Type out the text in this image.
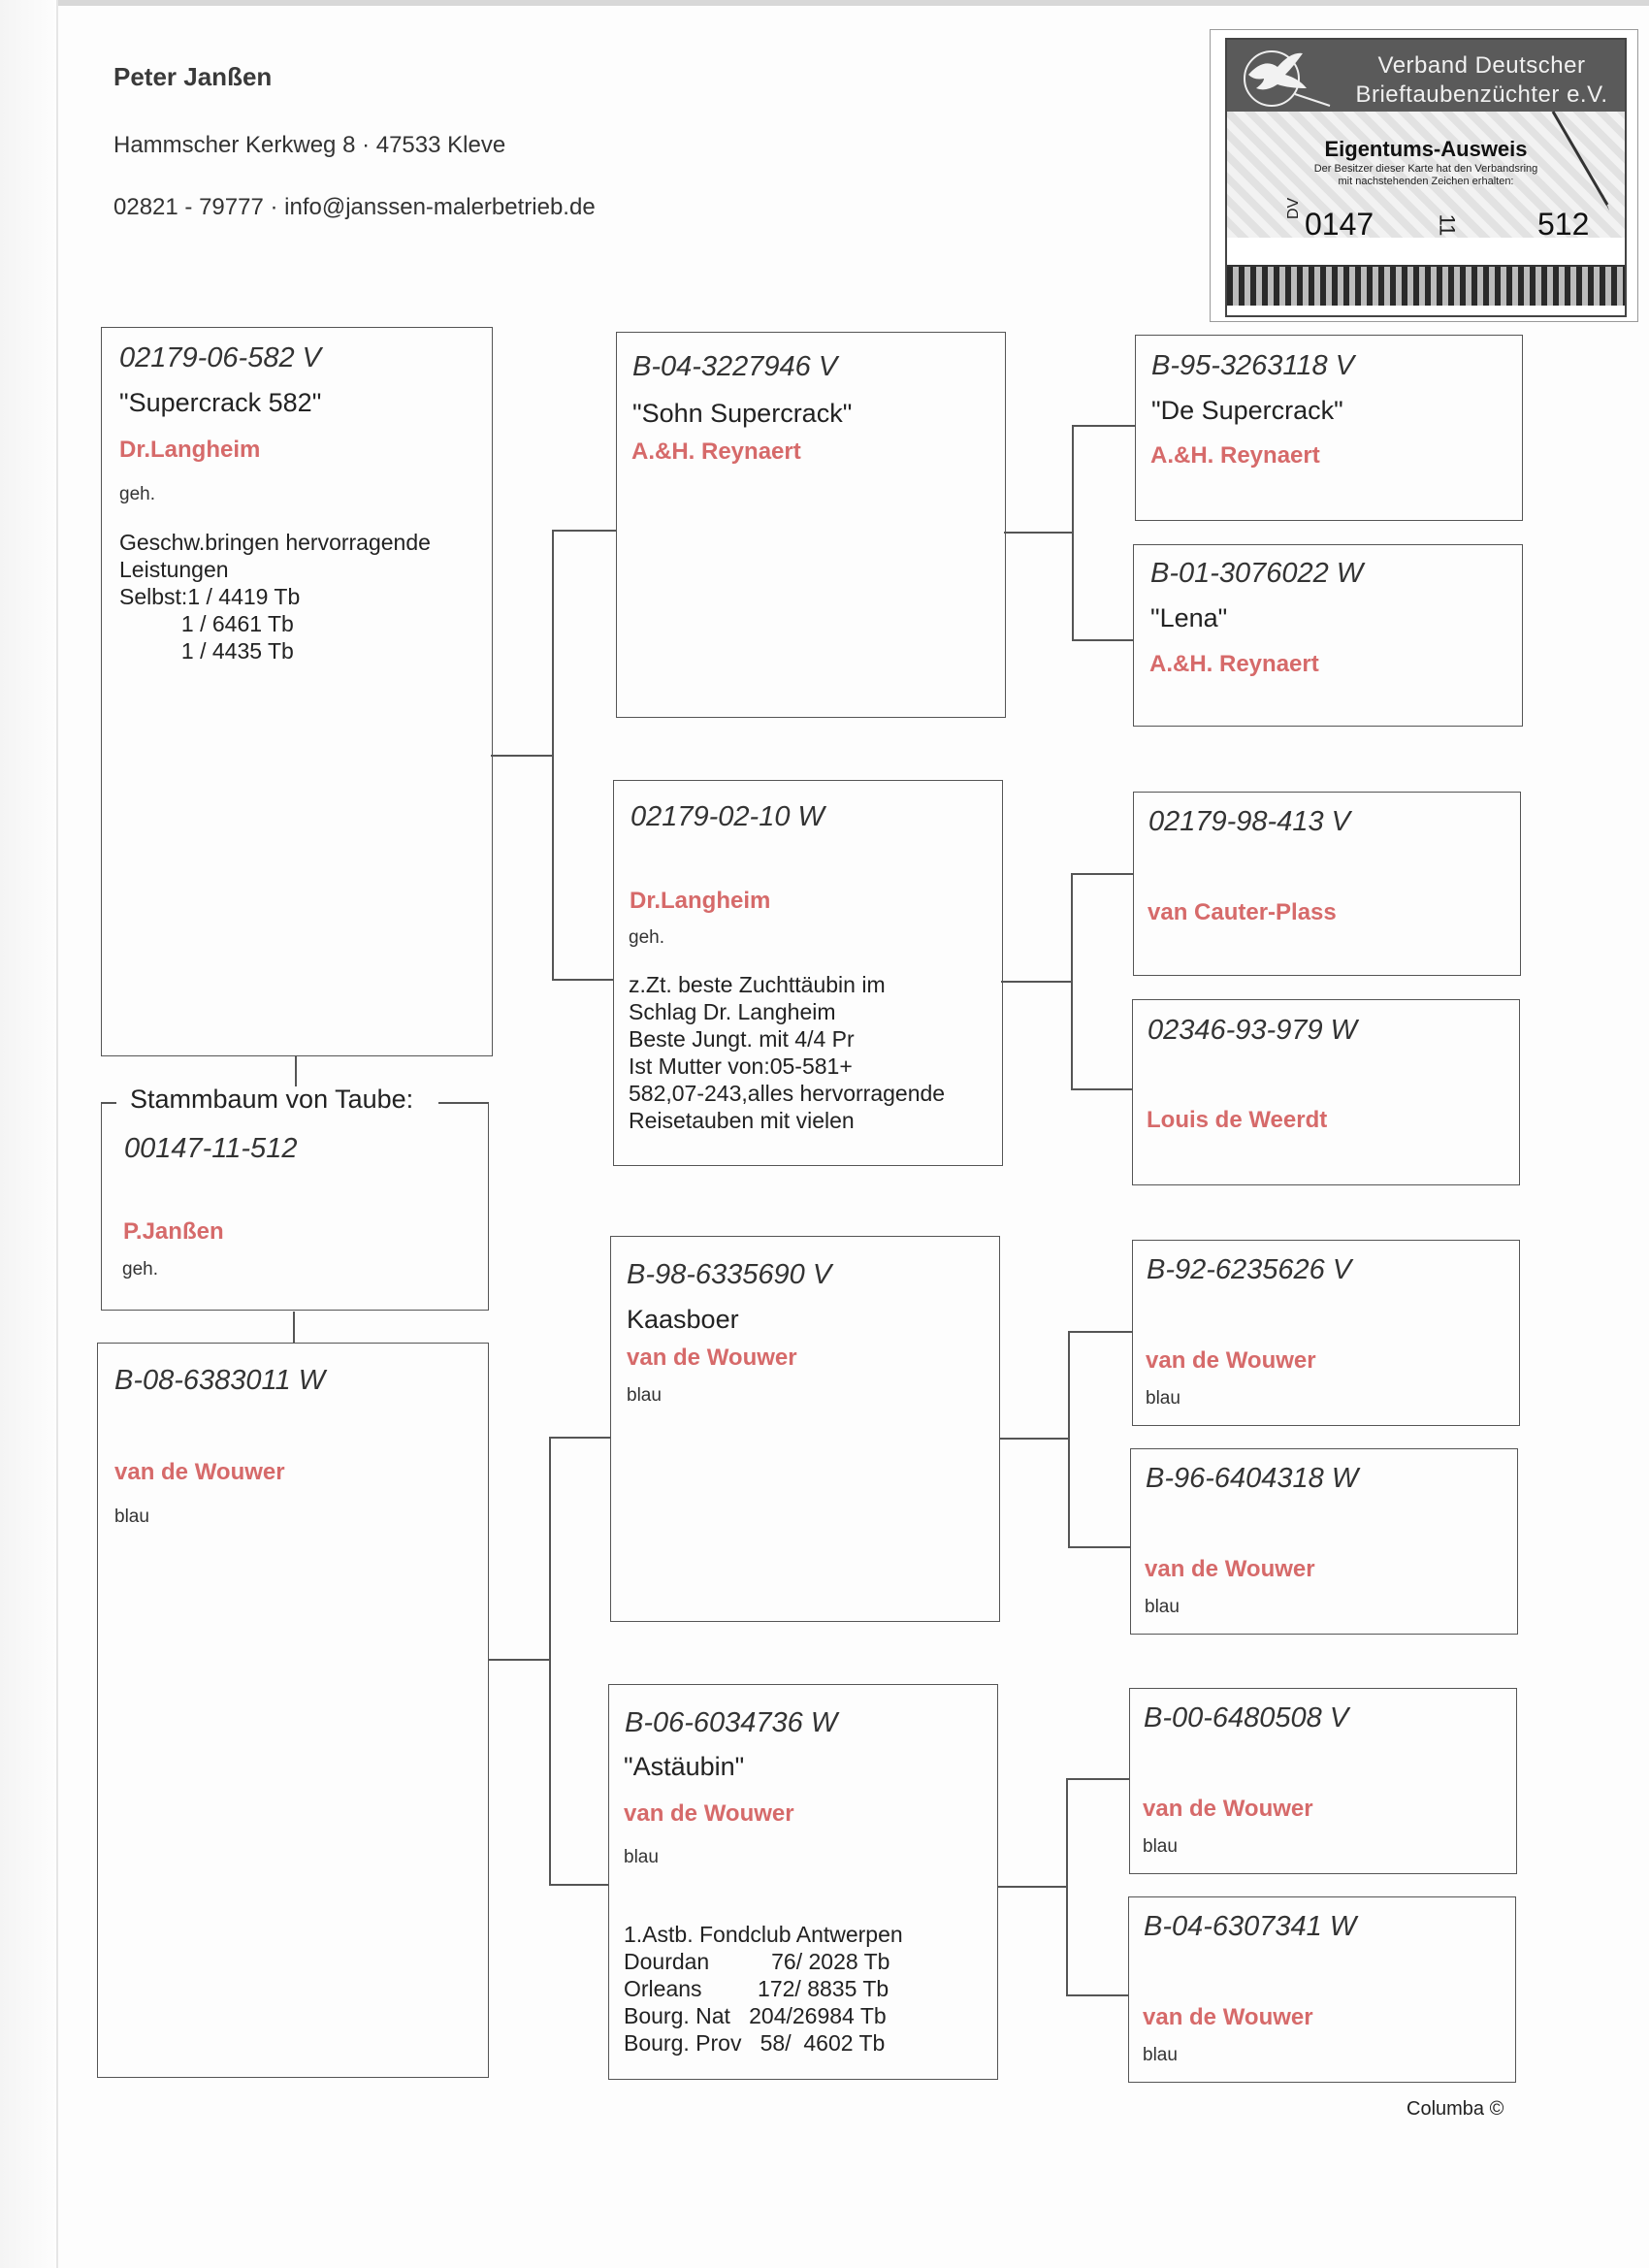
Peter Janßen
Hammscher Kerkweg 8 · 47533 Kleve
02821 - 79777 · info@janssen-malerbetrieb.de
Verband Deutscher
Brieftaubenzüchter e.V.
Eigentums-Ausweis
Der Besitzer dieser Karte hat den Verbandsring
mit nachstehenden Zeichen erhalten:
DV 0147	11	512
Stammbaum von Taube:
00147-11-512
P.Janßen
geh.
02179-06-582 V
"Supercrack 582"
Dr.Langheim
geh.
Geschw.bringen hervorragende
Leistungen
Selbst:1 / 4419 Tb
1 / 6461 Tb
1 / 4435 Tb
B-08-6383011 W
van de Wouwer
blau
B-04-3227946 V
"Sohn Supercrack"
A.&H. Reynaert
02179-02-10 W
Dr.Langheim
geh.
z.Zt. beste Zuchttäubin im
Schlag Dr. Langheim
Beste Jungt. mit 4/4 Pr
Ist Mutter von:05-581+
582,07-243,alles hervorragende
Reisetauben mit vielen
B-98-6335690 V
Kaasboer
van de Wouwer
blau
B-06-6034736 W
"Astäubin"
van de Wouwer
blau
1.Astb. Fondclub Antwerpen
Dourdan          76/ 2028 Tb
Orleans         172/ 8835 Tb
Bourg. Nat   204/26984 Tb
Bourg. Prov   58/  4602 Tb
B-95-3263118 V
"De Supercrack"
A.&H. Reynaert
B-01-3076022 W
"Lena"
A.&H. Reynaert
02179-98-413 V
van Cauter-Plass
02346-93-979 W
Louis de Weerdt
B-92-6235626 V
van de Wouwer
blau
B-96-6404318 W
van de Wouwer
blau
B-00-6480508 V
van de Wouwer
blau
B-04-6307341 W
van de Wouwer
blau
Columba ©
